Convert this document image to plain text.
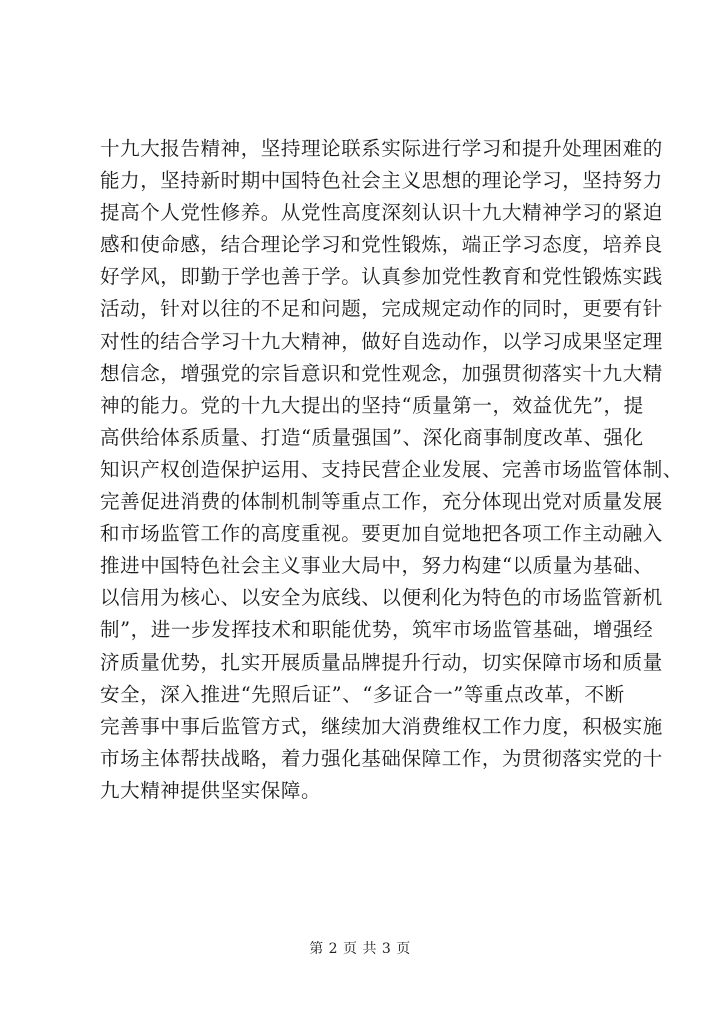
十九大报告精神，坚持理论联系实际进行学习和提升处理困难的
能力，坚持新时期中国特色社会主义思想的理论学习，坚持努力
提高个人党性修养。从党性高度深刻认识十九大精神学习的紧迫
感和使命感，结合理论学习和党性锻炼，端正学习态度，培养良
好学风，即勤于学也善于学。认真参加党性教育和党性锻炼实践
活动，针对以往的不足和问题，完成规定动作的同时，更要有针
对性的结合学习十九大精神，做好自选动作，以学习成果坚定理
想信念，增强党的宗旨意识和党性观念，加强贯彻落实十九大精
神的能力。党的十九大提出的坚持“质量第一，效益优先”，提
高供给体系质量、打造“质量强国”、深化商事制度改革、强化
知识产权创造保护运用、支持民营企业发展、完善市场监管体制、
完善促进消费的体制机制等重点工作，充分体现出党对质量发展
和市场监管工作的高度重视。要更加自觉地把各项工作主动融入
推进中国特色社会主义事业大局中，努力构建“以质量为基础、
以信用为核心、以安全为底线、以便利化为特色的市场监管新机
制”，进一步发挥技术和职能优势，筑牢市场监管基础，增强经
济质量优势，扎实开展质量品牌提升行动，切实保障市场和质量
安全，深入推进“先照后证”、“多证合一”等重点改革，不断
完善事中事后监管方式，继续加大消费维权工作力度，积极实施
市场主体帮扶战略，着力强化基础保障工作，为贯彻落实党的十
九大精神提供坚实保障。
第 2 页 共 3 页
